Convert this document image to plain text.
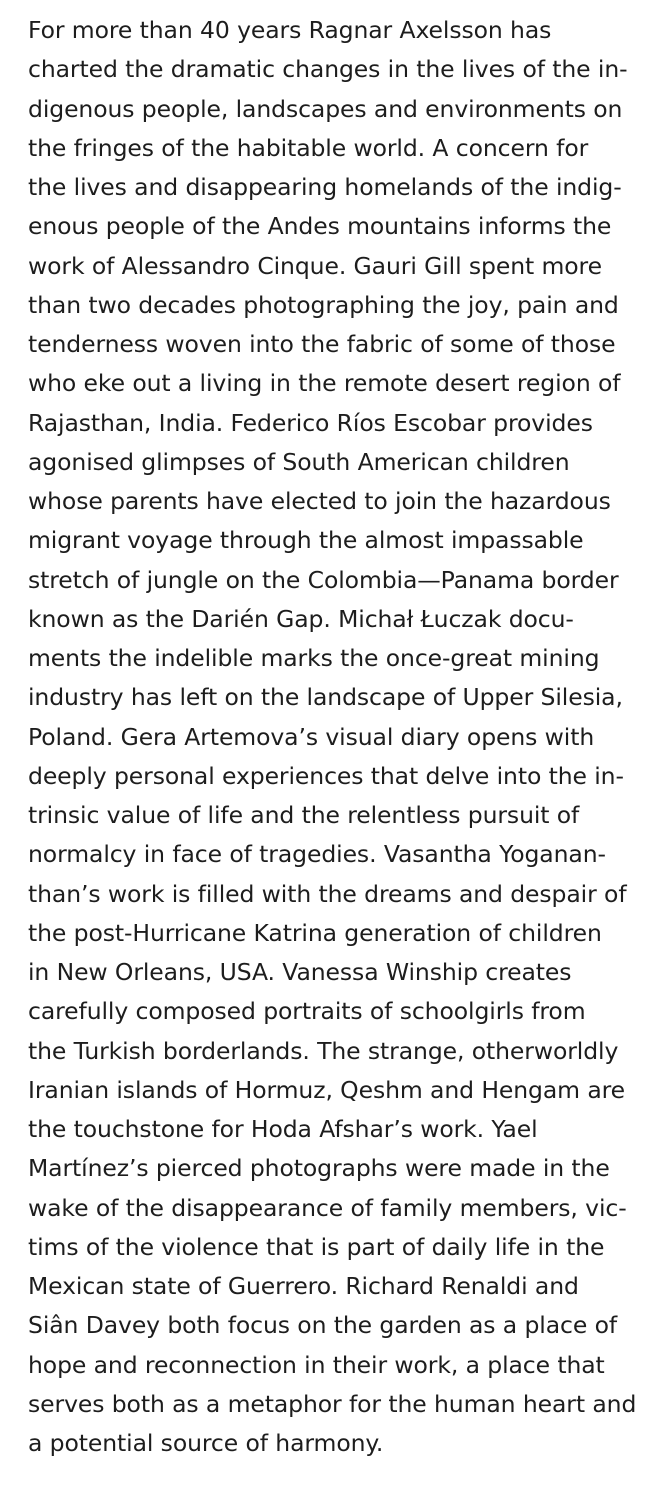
For more than 40 years Ragnar Axelsson has
charted the dramatic changes in the lives of the in-
digenous people, landscapes and environments on
the fringes of the habitable world. A concern for
the lives and disappearing homelands of the indig-
enous people of the Andes mountains informs the
work of Alessandro Cinque. Gauri Gill spent more
than two decades photographing the joy, pain and
tenderness woven into the fabric of some of those
who eke out a living in the remote desert region of
Rajasthan, India. Federico Ríos Escobar provides
agonised glimpses of South American children
whose parents have elected to join the hazardous
migrant voyage through the almost impassable
stretch of jungle on the Colombia—Panama border
known as the Darién Gap. Michał Łuczak docu-
ments the indelible marks the once-great mining
industry has left on the landscape of Upper Silesia,
Poland. Gera Artemova’s visual diary opens with
deeply personal experiences that delve into the in-
trinsic value of life and the relentless pursuit of
normalcy in face of tragedies. Vasantha Yoganan-
than’s work is filled with the dreams and despair of
the post-Hurricane Katrina generation of children
in New Orleans, USA. Vanessa Winship creates
carefully composed portraits of schoolgirls from
the Turkish borderlands. The strange, otherworldly
Iranian islands of Hormuz, Qeshm and Hengam are
the touchstone for Hoda Afshar’s work. Yael
Martínez’s pierced photographs were made in the
wake of the disappearance of family members, vic-
tims of the violence that is part of daily life in the
Mexican state of Guerrero. Richard Renaldi and
Siân Davey both focus on the garden as a place of
hope and reconnection in their work, a place that
serves both as a metaphor for the human heart and
a potential source of harmony.
